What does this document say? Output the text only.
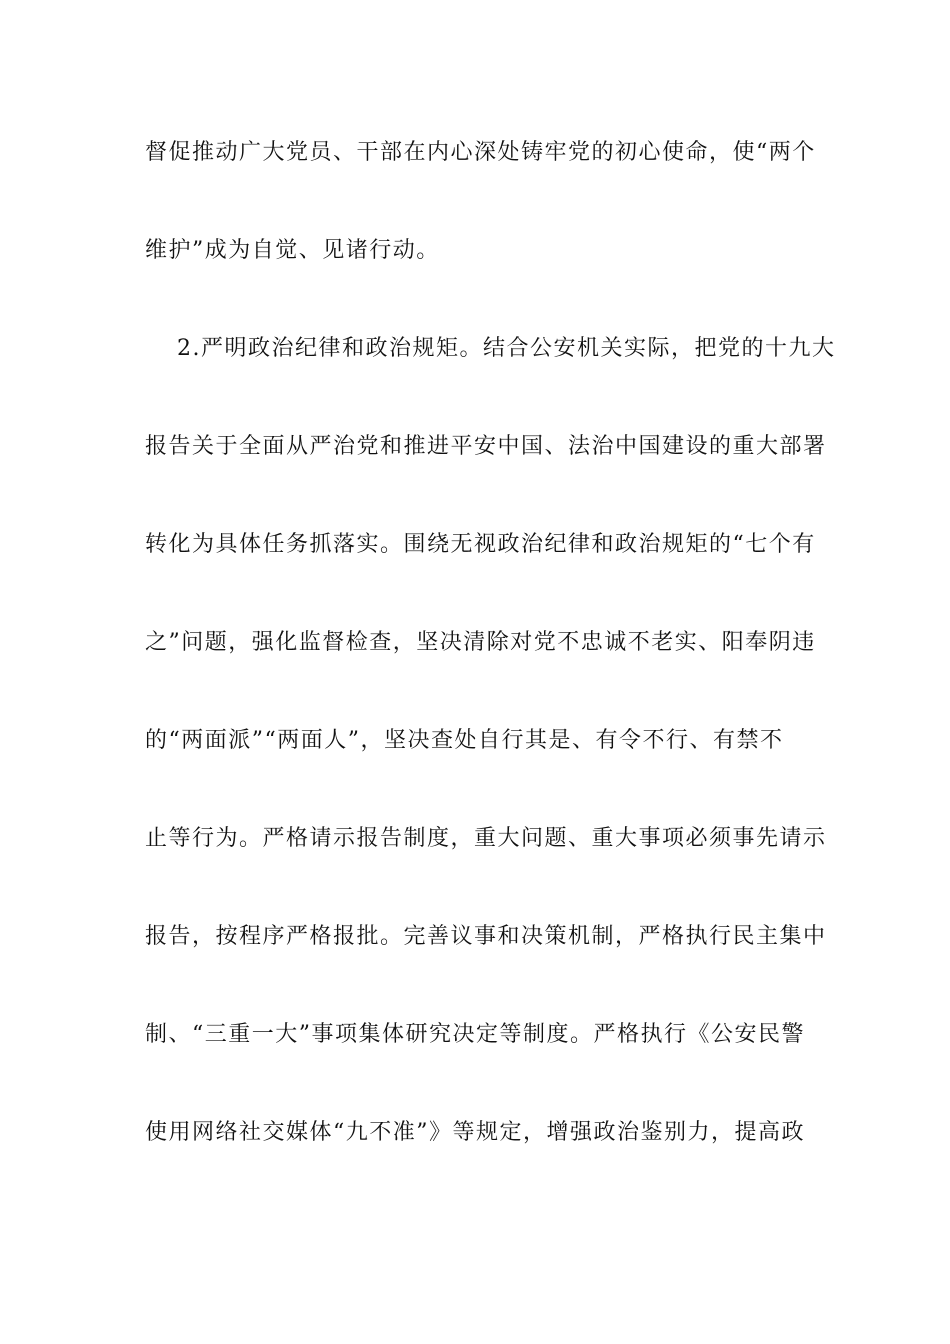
督促推动广大党员、干部在内心深处铸牢党的初心使命，使“两个

维护”成为自觉、见诸行动。

2.严明政治纪律和政治规矩。结合公安机关实际，把党的十九大

报告关于全面从严治党和推进平安中国、法治中国建设的重大部署

转化为具体任务抓落实。围绕无视政治纪律和政治规矩的“七个有

之”问题，强化监督检查，坚决清除对党不忠诚不老实、阳奉阴违

的“两面派”“两面人”，坚决查处自行其是、有令不行、有禁不

止等行为。严格请示报告制度，重大问题、重大事项必须事先请示

报告，按程序严格报批。完善议事和决策机制，严格执行民主集中

制、“三重一大”事项集体研究决定等制度。严格执行《公安民警

使用网络社交媒体“九不准”》等规定，增强政治鉴别力，提高政
